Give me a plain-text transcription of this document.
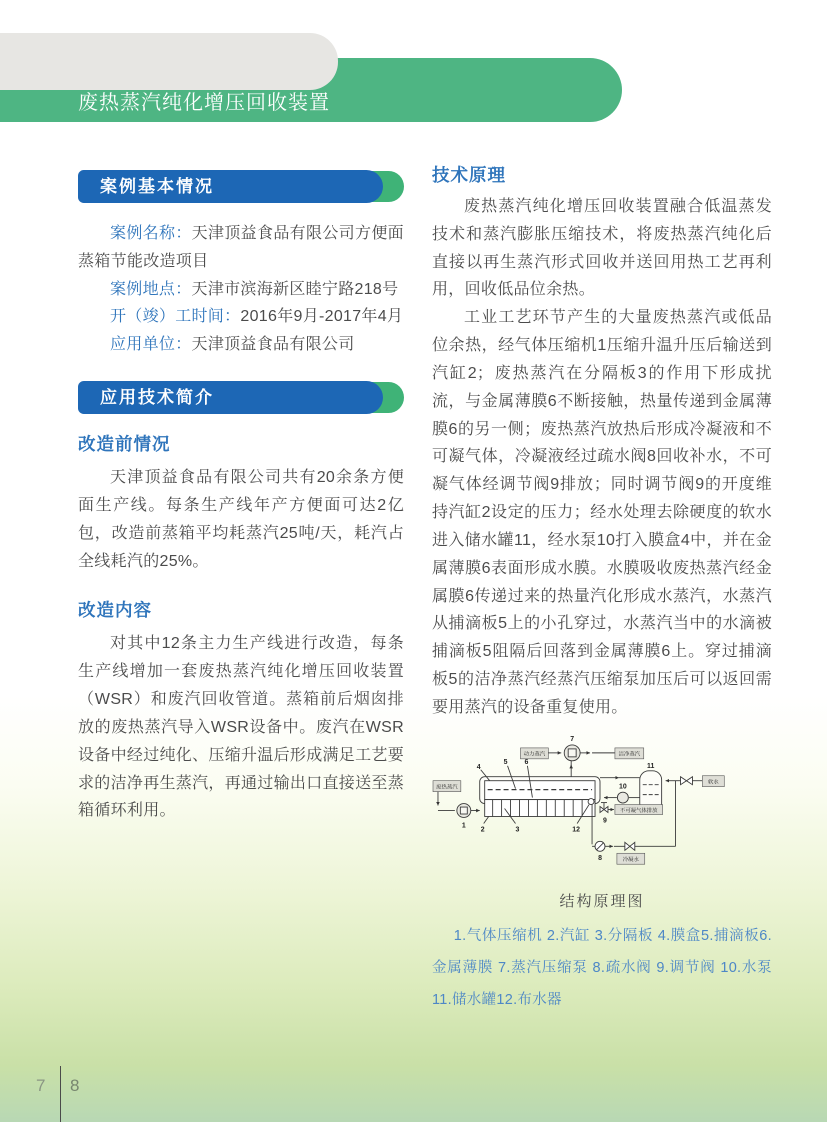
废热蒸汽纯化增压回收装置
案例基本情况

案例名称：天津顶益食品有限公司方便面蒸箱节能改造项目

案例地点：天津市滨海新区睦宁路218号

开（竣）工时间：2016年9月-2017年4月

应用单位：天津顶益食品有限公司

应用技术简介
改造前情况

天津顶益食品有限公司共有20余条方便面生产线。每条生产线年产方便面可达2亿包，改造前蒸箱平均耗蒸汽25吨/天，耗汽占全线耗汽的25%。

改造内容

对其中12条主力生产线进行改造，每条生产线增加一套废热蒸汽纯化增压回收装置（WSR）和废汽回收管道。蒸箱前后烟囱排放的废热蒸汽导入WSR设备中。废汽在WSR设备中经过纯化、压缩升温后形成满足工艺要求的洁净再生蒸汽，再通过输出口直接送至蒸箱循环利用。

技术原理

废热蒸汽纯化增压回收装置融合低温蒸发技术和蒸汽膨胀压缩技术，将废热蒸汽纯化后直接以再生蒸汽形式回收并送回用热工艺再利用，回收低品位余热。

工业工艺环节产生的大量废热蒸汽或低品位余热，经气体压缩机1压缩升温升压后输送到汽缸2；废热蒸汽在分隔板3的作用下形成扰流，与金属薄膜6不断接触，热量传递到金属薄膜6的另一侧；废热蒸汽放热后形成冷凝液和不可凝气体，冷凝液经过疏水阀8回收补水，不可凝气体经调节阀9排放；同时调节阀9的开度维持汽缸2设定的压力；经水处理去除硬度的软水进入储水罐11，经水泵10打入膜盒4中，并在金属薄膜6表面形成水膜。水膜吸收废热蒸汽经金属膜6传递过来的热量汽化形成水蒸汽，水蒸汽从捕滴板5上的小孔穿过，水蒸汽当中的水滴被捕滴板5阻隔后回落到金属薄膜6上。穿过捕滴板5的洁净蒸汽经蒸汽压缩泵加压后可以返回需要用蒸汽的设备重复使用。

废热蒸汽
动力蒸汽	洁净蒸汽
软水
不可凝气体排放
冷凝水
1
2	3
4
5 6
7
8
9
10
11
12
结构原理图

1.气体压缩机 2.汽缸 3.分隔板 4.膜盒5.捕滴板6.金属薄膜 7.蒸汽压缩泵 8.疏水阀 9.调节阀 10.水泵 11.储水罐12.布水器

7 8
